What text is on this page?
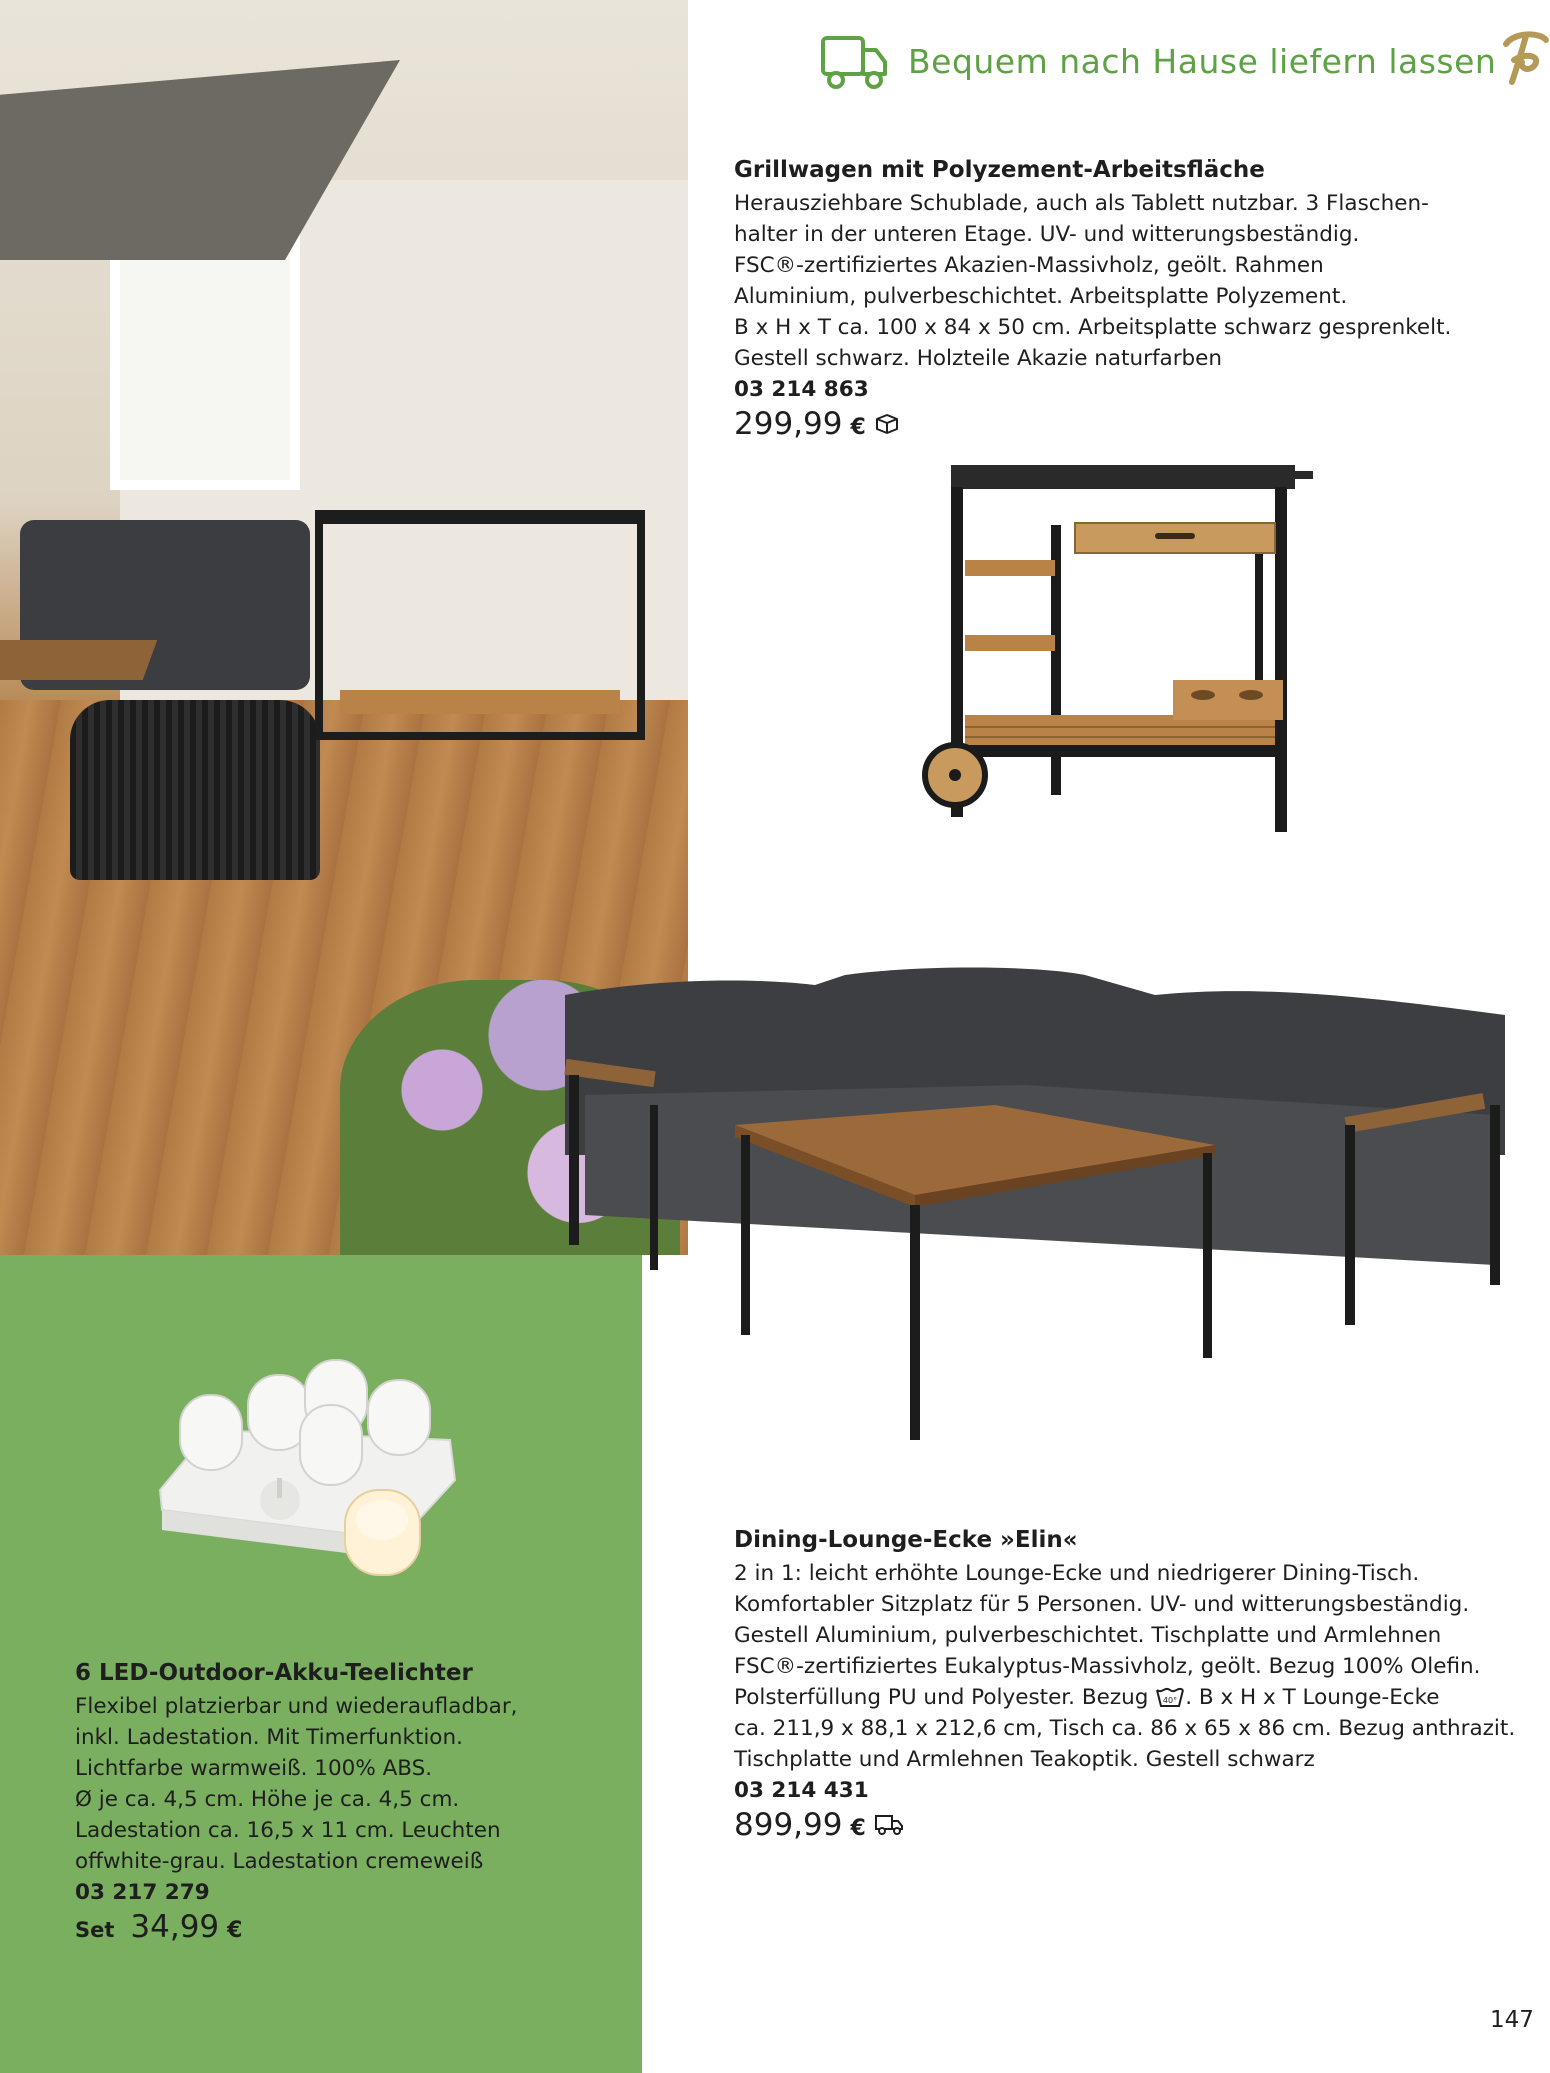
Bequem nach Hause liefern lassen
Grillwagen mit Polyzement-Arbeitsfläche

Herausziehbare Schublade, auch als Tablett nutzbar. 3 Flaschen-

halter in der unteren Etage. UV- und witterungsbeständig.

FSC®-zertifiziertes Akazien-Massivholz, geölt. Rahmen

Aluminium, pulverbeschichtet. Arbeitsplatte Polyzement.

B x H x T ca. 100 x 84 x 50 cm. Arbeitsplatte schwarz gesprenkelt.

Gestell schwarz. Holzteile Akazie naturfarben

03 214 863
299,99 €
Dining-Lounge-Ecke »Elin«

2 in 1: leicht erhöhte Lounge-Ecke und niedrigerer Dining-Tisch.

Komfortabler Sitzplatz für 5 Personen. UV- und witterungsbeständig.

Gestell Aluminium, pulverbeschichtet. Tischplatte und Armlehnen

FSC®-zertifiziertes Eukalyptus-Massivholz, geölt. Bezug 100% Olefin.

Polsterfüllung PU und Polyester. Bezug 40° . B x H x T Lounge-Ecke

ca. 211,9 x 88,1 x 212,6 cm, Tisch ca. 86 x 65 x 86 cm. Bezug anthrazit.

Tischplatte und Armlehnen Teakoptik. Gestell schwarz

03 214 431
899,99 €
6 LED-Outdoor-Akku-Teelichter

Flexibel platzierbar und wiederaufladbar,

inkl. Ladestation. Mit Timerfunktion.

Lichtfarbe warmweiß. 100% ABS.

Ø je ca. 4,5 cm. Höhe je ca. 4,5 cm.

Ladestation ca. 16,5 x 11 cm. Leuchten

offwhite-grau. Ladestation cremeweiß

03 217 279
Set 34,99 €
147
